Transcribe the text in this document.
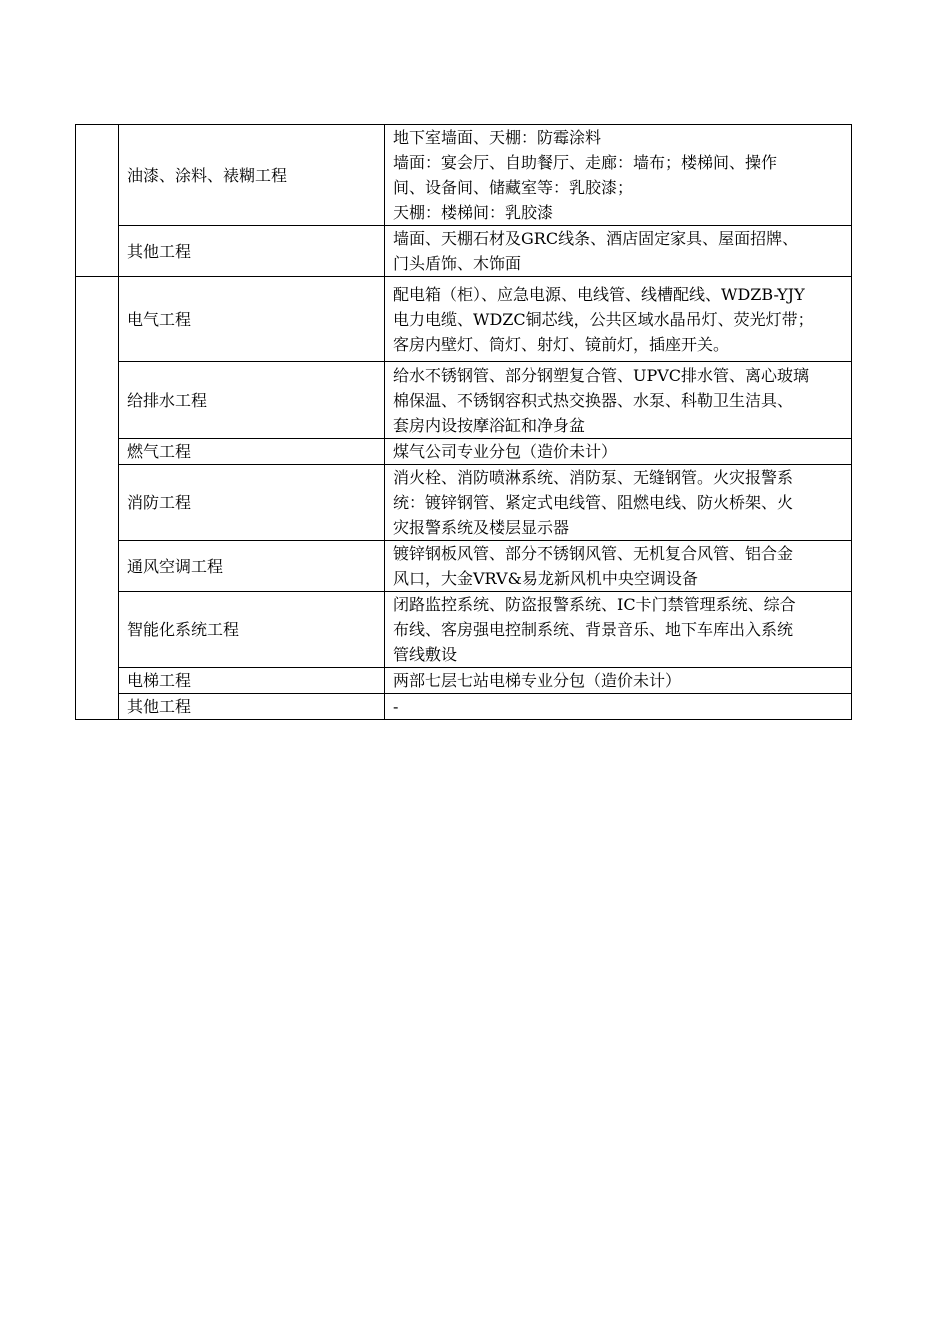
	油漆、涂料、裱糊工程	地下室墙面、天棚：防霉涂料
墙面：宴会厅、自助餐厅、走廊：墙布；楼梯间、操作
间、设备间、储藏室等：乳胶漆；
天棚：楼梯间：乳胶漆

	其他工程	墙面、天棚石材及GRC线条、酒店固定家具、屋面招牌、
门头盾饰、木饰面

	电气工程	配电箱（柜）、应急电源、电线管、线槽配线、WDZB-YJY
电力电缆、WDZC铜芯线，公共区域水晶吊灯、荧光灯带；
客房内壁灯、筒灯、射灯、镜前灯，插座开关。

	给排水工程	给水不锈钢管、部分钢塑复合管、UPVC排水管、离心玻璃
棉保温、不锈钢容积式热交换器、水泵、科勒卫生洁具、
套房内设按摩浴缸和净身盆

	燃气工程	煤气公司专业分包（造价未计）

	消防工程	消火栓、消防喷淋系统、消防泵、无缝钢管。火灾报警系
统：镀锌钢管、紧定式电线管、阻燃电线、防火桥架、火
灾报警系统及楼层显示器

	通风空调工程	镀锌钢板风管、部分不锈钢风管、无机复合风管、铝合金
风口，大金VRV&易龙新风机中央空调设备

	智能化系统工程	闭路监控系统、防盗报警系统、IC卡门禁管理系统、综合
布线、客房强电控制系统、背景音乐、地下车库出入系统
管线敷设

	电梯工程	两部七层七站电梯专业分包（造价未计）

	其他工程	-
